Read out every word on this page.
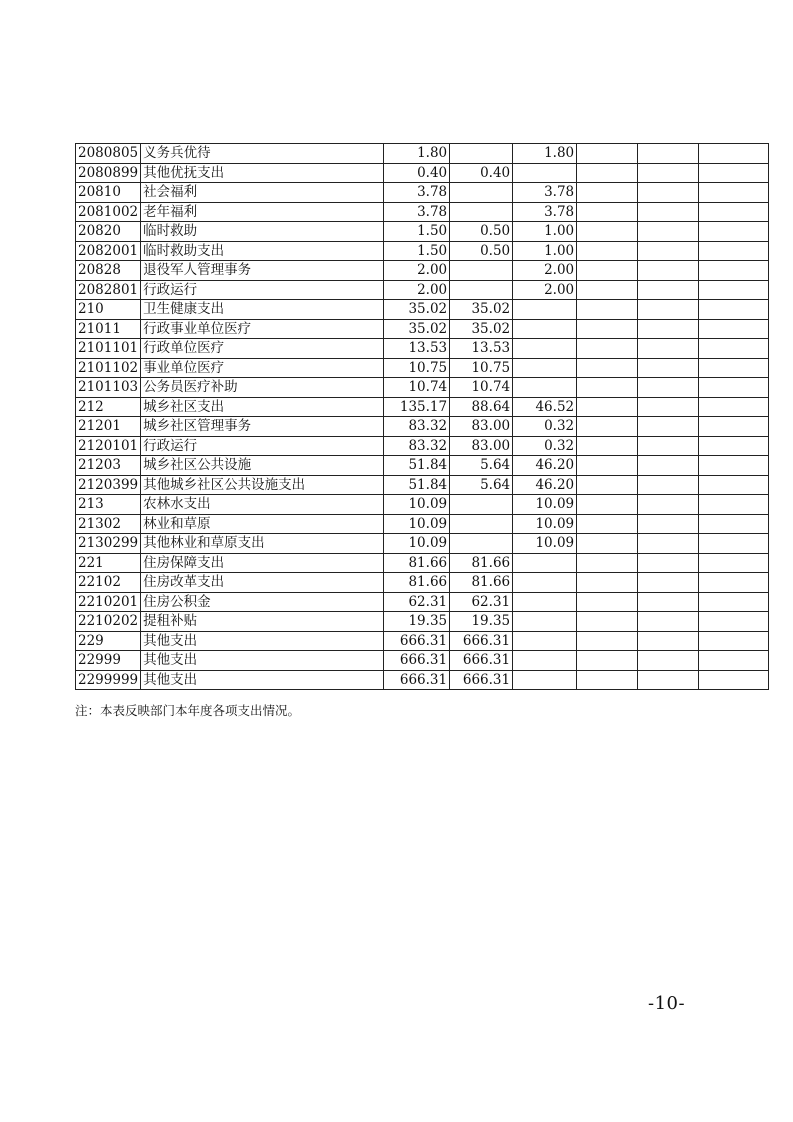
2080805	义务兵优待	1.80		1.80			
2080899	其他优抚支出	0.40	0.40				
20810	社会福利	3.78		3.78			
2081002	老年福利	3.78		3.78			
20820	临时救助	1.50	0.50	1.00			
2082001	临时救助支出	1.50	0.50	1.00			
20828	退役军人管理事务	2.00		2.00			
2082801	行政运行	2.00		2.00			
210	卫生健康支出	35.02	35.02				
21011	行政事业单位医疗	35.02	35.02				
2101101	行政单位医疗	13.53	13.53				
2101102	事业单位医疗	10.75	10.75				
2101103	公务员医疗补助	10.74	10.74				
212	城乡社区支出	135.17	88.64	46.52			
21201	城乡社区管理事务	83.32	83.00	0.32			
2120101	行政运行	83.32	83.00	0.32			
21203	城乡社区公共设施	51.84	5.64	46.20			
2120399	其他城乡社区公共设施支出	51.84	5.64	46.20			
213	农林水支出	10.09		10.09			
21302	林业和草原	10.09		10.09			
2130299	其他林业和草原支出	10.09		10.09			
221	住房保障支出	81.66	81.66				
22102	住房改革支出	81.66	81.66				
2210201	住房公积金	62.31	62.31				
2210202	提租补贴	19.35	19.35				
229	其他支出	666.31	666.31				
22999	其他支出	666.31	666.31				
2299999	其他支出	666.31	666.31				
注：本表反映部门本年度各项支出情况。
-10-
